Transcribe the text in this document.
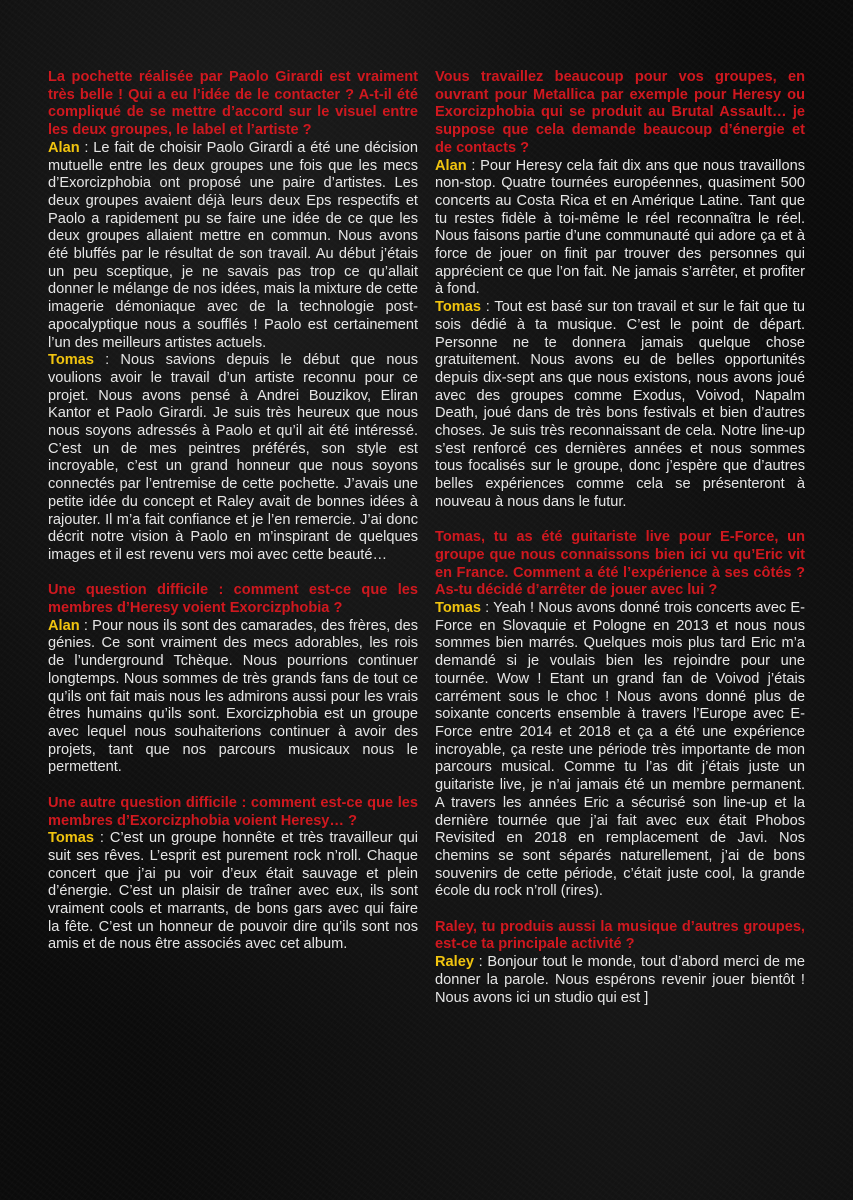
La pochette réalisée par Paolo Girardi est vraiment très belle ! Qui a eu l’idée de le contacter ? A-t-il été compliqué de se mettre d’accord sur le visuel entre les deux groupes, le label et l’artiste ?

Alan : Le fait de choisir Paolo Girardi a été une décision mutuelle entre les deux groupes une fois que les mecs d’Exorcizphobia ont proposé une paire d’artistes. Les deux groupes avaient déjà leurs deux Eps respectifs et Paolo a rapidement pu se faire une idée de ce que les deux groupes allaient mettre en commun. Nous avons été bluffés par le résultat de son travail. Au début j’étais un peu sceptique, je ne savais pas trop ce qu’allait donner le mélange de nos idées, mais la mixture de cette imagerie démoniaque avec de la technologie post-apocalyptique nous a soufflés ! Paolo est certainement l’un des meilleurs artistes actuels.

Tomas : Nous savions depuis le début que nous voulions avoir le travail d’un artiste reconnu pour ce projet. Nous avons pensé à Andrei Bouzikov, Eliran Kantor et Paolo Girardi. Je suis très heureux que nous nous soyons adressés à Paolo et qu’il ait été intéressé. C’est un de mes peintres préférés, son style est incroyable, c’est un grand honneur que nous soyons connectés par l’entremise de cette pochette. J’avais une petite idée du concept et Raley avait de bonnes idées à rajouter. Il m’a fait confiance et je l’en remercie. J’ai donc décrit notre vision à Paolo en m’inspirant de quelques images et il est revenu vers moi avec cette beauté…

Une question difficile : comment est-ce que les membres d’Heresy voient Exorcizphobia ?

Alan : Pour nous ils sont des camarades, des frères, des génies. Ce sont vraiment des mecs adorables, les rois de l’underground Tchèque. Nous pourrions continuer longtemps. Nous sommes de très grands fans de tout ce qu’ils ont fait mais nous les admirons aussi pour les vrais êtres humains qu’ils sont. Exorcizphobia est un groupe avec lequel nous souhaiterions continuer à avoir des projets, tant que nos parcours musicaux nous le permettent.

Une autre question difficile : comment est-ce que les membres d’Exorcizphobia voient Heresy… ?

Tomas : C’est un groupe honnête et très travailleur qui suit ses rêves. L’esprit est purement rock n’roll. Chaque concert que j’ai pu voir d’eux était sauvage et plein d’énergie. C’est un plaisir de traîner avec eux, ils sont vraiment cools et marrants, de bons gars avec qui faire la fête. C’est un honneur de pouvoir dire qu’ils sont nos amis et de nous être associés avec cet album.

Vous travaillez beaucoup pour vos groupes, en ouvrant pour Metallica par exemple pour Heresy ou Exorcizphobia qui se produit au Brutal Assault… je suppose que cela demande beaucoup d’énergie et de contacts ?

Alan : Pour Heresy cela fait dix ans que nous travaillons non-stop. Quatre tournées européennes, quasiment 500 concerts au Costa Rica et en Amérique Latine. Tant que tu restes fidèle à toi-même le réel reconnaîtra le réel. Nous faisons partie d’une communauté qui adore ça et à force de jouer on finit par trouver des personnes qui apprécient ce que l’on fait. Ne jamais s’arrêter, et profiter à fond.

Tomas : Tout est basé sur ton travail et sur le fait que tu sois dédié à ta musique. C’est le point de départ. Personne ne te donnera jamais quelque chose gratuitement. Nous avons eu de belles opportunités depuis dix-sept ans que nous existons, nous avons joué avec des groupes comme Exodus, Voivod, Napalm Death, joué dans de très bons festivals et bien d’autres choses. Je suis très reconnaissant de cela. Notre line-up s’est renforcé ces dernières années et nous sommes tous focalisés sur le groupe, donc j’espère que d’autres belles expériences comme cela se présenteront à nouveau à nous dans le futur.

Tomas, tu as été guitariste live pour E-Force, un groupe que nous connaissons bien ici vu qu’Eric vit en France. Comment a été l’expérience à ses côtés ? As-tu décidé d’arrêter de jouer avec lui ?

Tomas : Yeah ! Nous avons donné trois concerts avec E-Force en Slovaquie et Pologne en 2013 et nous nous sommes bien marrés. Quelques mois plus tard Eric m’a demandé si je voulais bien les rejoindre pour une tournée. Wow ! Etant un grand fan de Voivod j’étais carrément sous le choc ! Nous avons donné plus de soixante concerts ensemble à travers l’Europe avec E-Force entre 2014 et 2018 et ça a été une expérience incroyable, ça reste une période très importante de mon parcours musical. Comme tu l’as dit j’étais juste un guitariste live, je n’ai jamais été un membre permanent. A travers les années Eric a sécurisé son line-up et la dernière tournée que j’ai fait avec eux était Phobos Revisited en 2018 en remplacement de Javi. Nos chemins se sont séparés naturellement, j’ai de bons souvenirs de cette période, c’était juste cool, la grande école du rock n’roll (rires).

Raley, tu produis aussi la musique d’autres groupes, est-ce ta principale activité ?

Raley : Bonjour tout le monde, tout d’abord merci de me donner la parole. Nous espérons revenir jouer bientôt ! Nous avons ici un studio qui est ]
